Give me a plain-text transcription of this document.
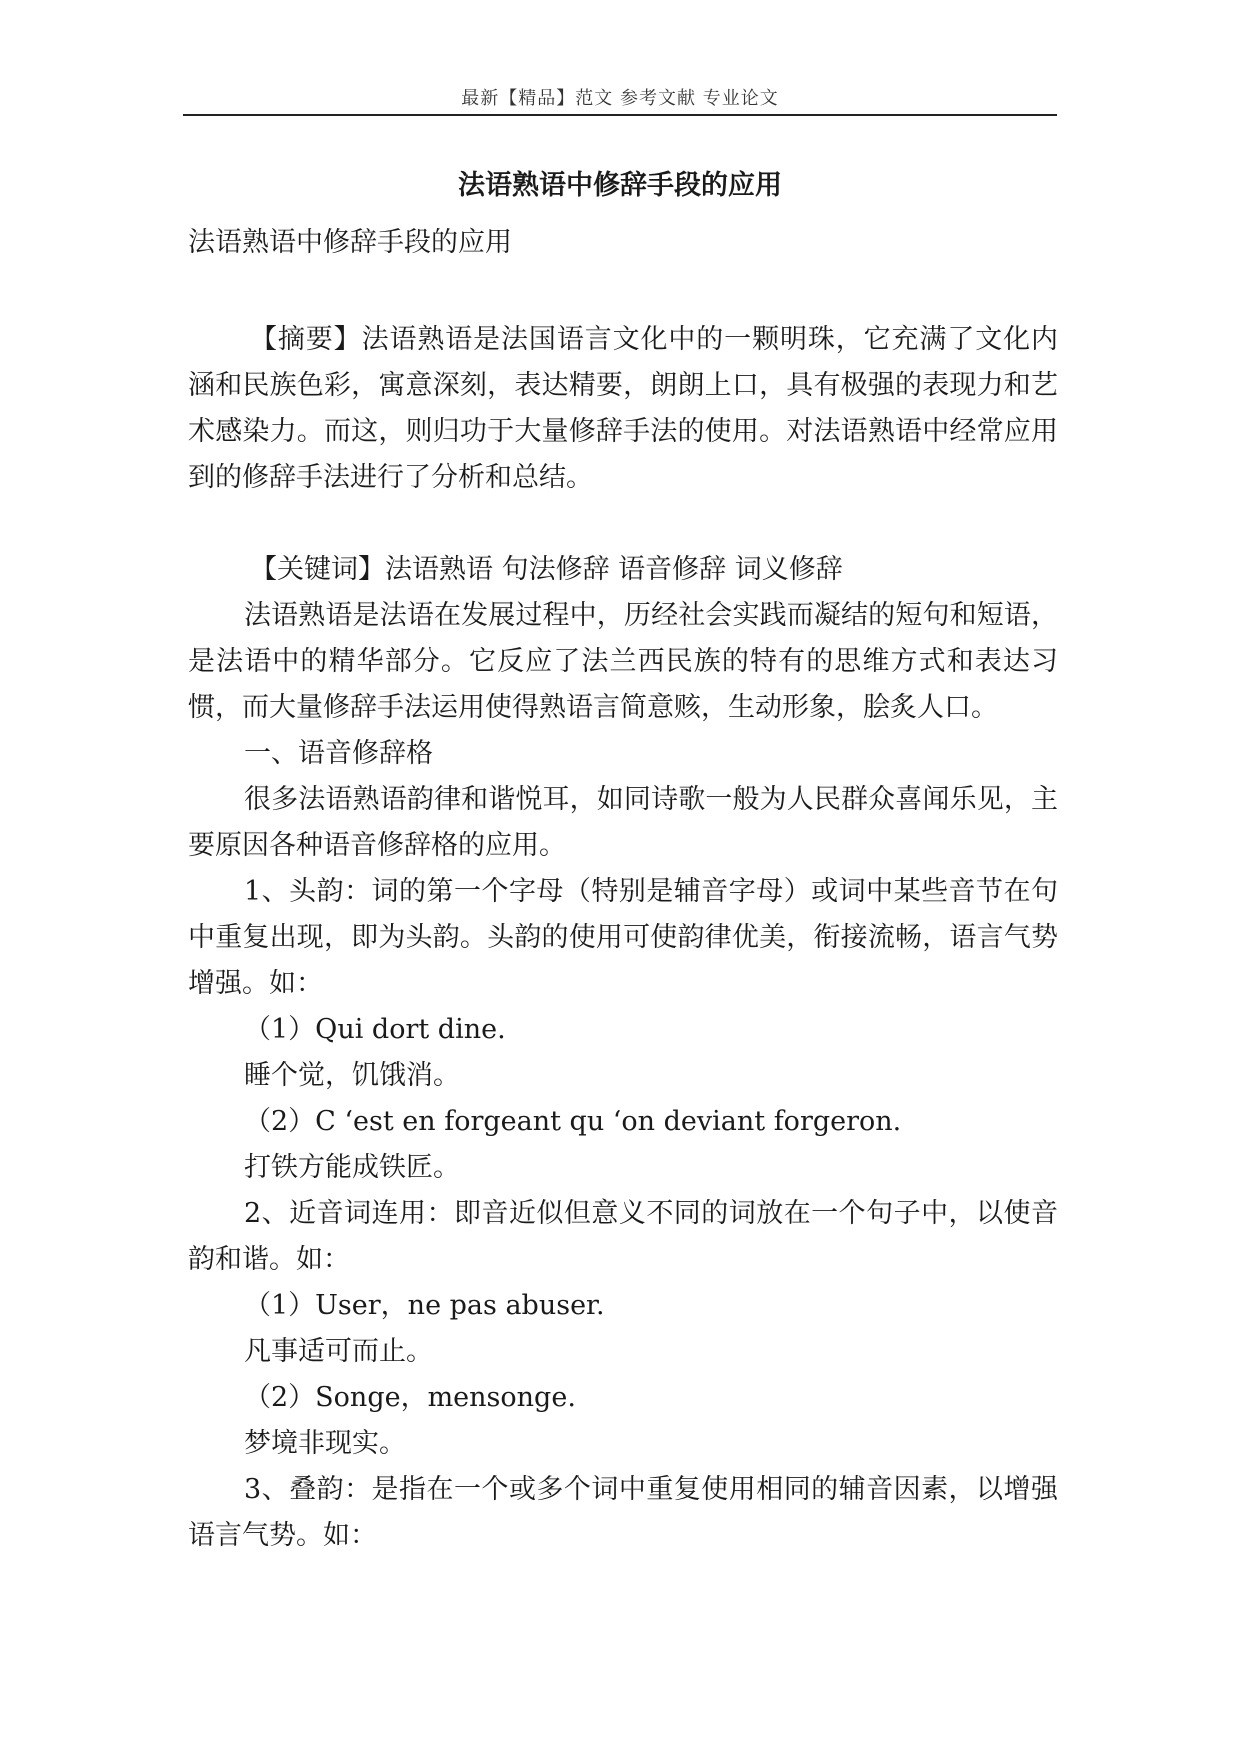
最新【精品】范文 参考文献 专业论文
法语熟语中修辞手段的应用

法语熟语中修辞手段的应用

【摘要】法语熟语是法国语言文化中的一颗明珠，它充满了文化内涵和民族色彩，寓意深刻，表达精要，朗朗上口，具有极强的表现力和艺术感染力。而这，则归功于大量修辞手法的使用。对法语熟语中经常应用到的修辞手法进行了分析和总结。

【关键词】法语熟语 句法修辞 语音修辞 词义修辞

法语熟语是法语在发展过程中，历经社会实践而凝结的短句和短语，是法语中的精华部分。它反应了法兰西民族的特有的思维方式和表达习惯，而大量修辞手法运用使得熟语言简意赅，生动形象，脍炙人口。

一、语音修辞格

很多法语熟语韵律和谐悦耳，如同诗歌一般为人民群众喜闻乐见，主要原因各种语音修辞格的应用。

1、头韵：词的第一个字母（特别是辅音字母）或词中某些音节在句中重复出现，即为头韵。头韵的使用可使韵律优美，衔接流畅，语言气势增强。如：

（1）Qui dort dine.

睡个觉，饥饿消。

（2）C ‘est en forgeant qu ‘on deviant forgeron.

打铁方能成铁匠。

2、近音词连用：即音近似但意义不同的词放在一个句子中，以使音韵和谐。如：

（1）User，ne pas abuser.

凡事适可而止。

（2）Songe，mensonge.

梦境非现实。

3、叠韵：是指在一个或多个词中重复使用相同的辅音因素，以增强语言气势。如：
